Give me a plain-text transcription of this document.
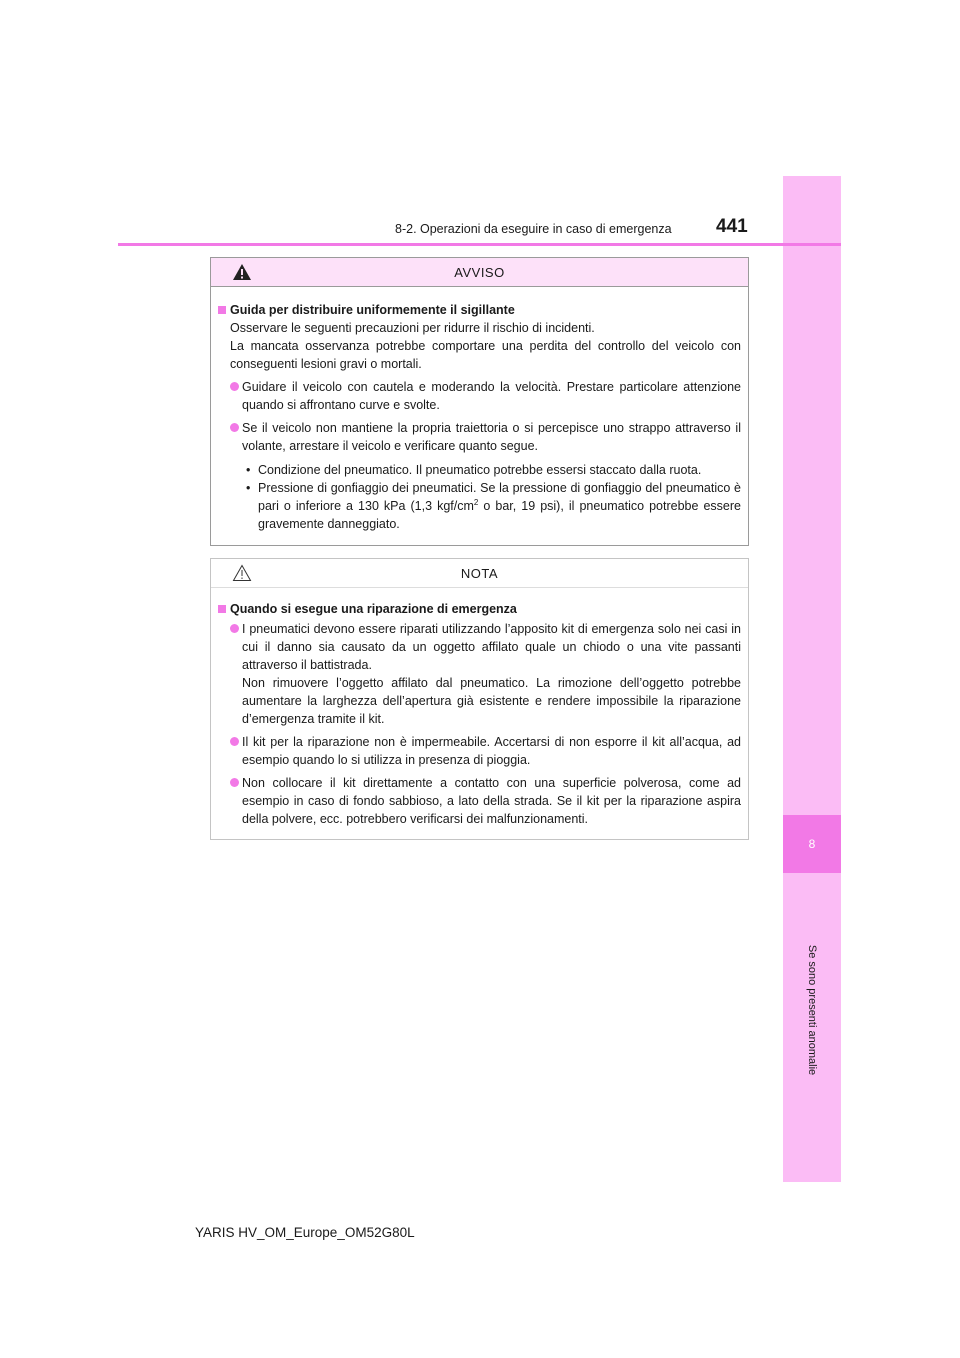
8
Se sono presenti anomalie
8-2. Operazioni da eseguire in caso di emergenza 441
AVVISO
Guida per distribuire uniformemente il sigillante
Osservare le seguenti precauzioni per ridurre il rischio di incidenti.
La mancata osservanza potrebbe comportare una perdita del controllo del veicolo con conseguenti lesioni gravi o mortali.
Guidare il veicolo con cautela e moderando la velocità. Prestare particolare attenzione quando si affrontano curve e svolte.
Se il veicolo non mantiene la propria traiettoria o si percepisce uno strappo attraverso il volante, arrestare il veicolo e verificare quanto segue.
• Condizione del pneumatico. Il pneumatico potrebbe essersi staccato dalla ruota.
• Pressione di gonfiaggio dei pneumatici. Se la pressione di gonfiaggio del pneumatico è pari o inferiore a 130 kPa (1,3 kgf/$cm^2$ o bar, 19 psi), il pneumatico potrebbe essere gravemente danneggiato.
NOTA
Quando si esegue una riparazione di emergenza
I pneumatici devono essere riparati utilizzando l’apposito kit di emergenza solo nei casi in cui il danno sia causato da un oggetto affilato quale un chiodo o una vite passanti attraverso il battistrada.
Non rimuovere l’oggetto affilato dal pneumatico. La rimozione dell’oggetto potrebbe aumentare la larghezza dell’apertura già esistente e rendere impossibile la riparazione d’emergenza tramite il kit.
Il kit per la riparazione non è impermeabile. Accertarsi di non esporre il kit all’acqua, ad esempio quando lo si utilizza in presenza di pioggia.
Non collocare il kit direttamente a contatto con una superficie polverosa, come ad esempio in caso di fondo sabbioso, a lato della strada. Se il kit per la riparazione aspira della polvere, ecc. potrebbero verificarsi dei malfunzionamenti.
YARIS HV_OM_Europe_OM52G80L
